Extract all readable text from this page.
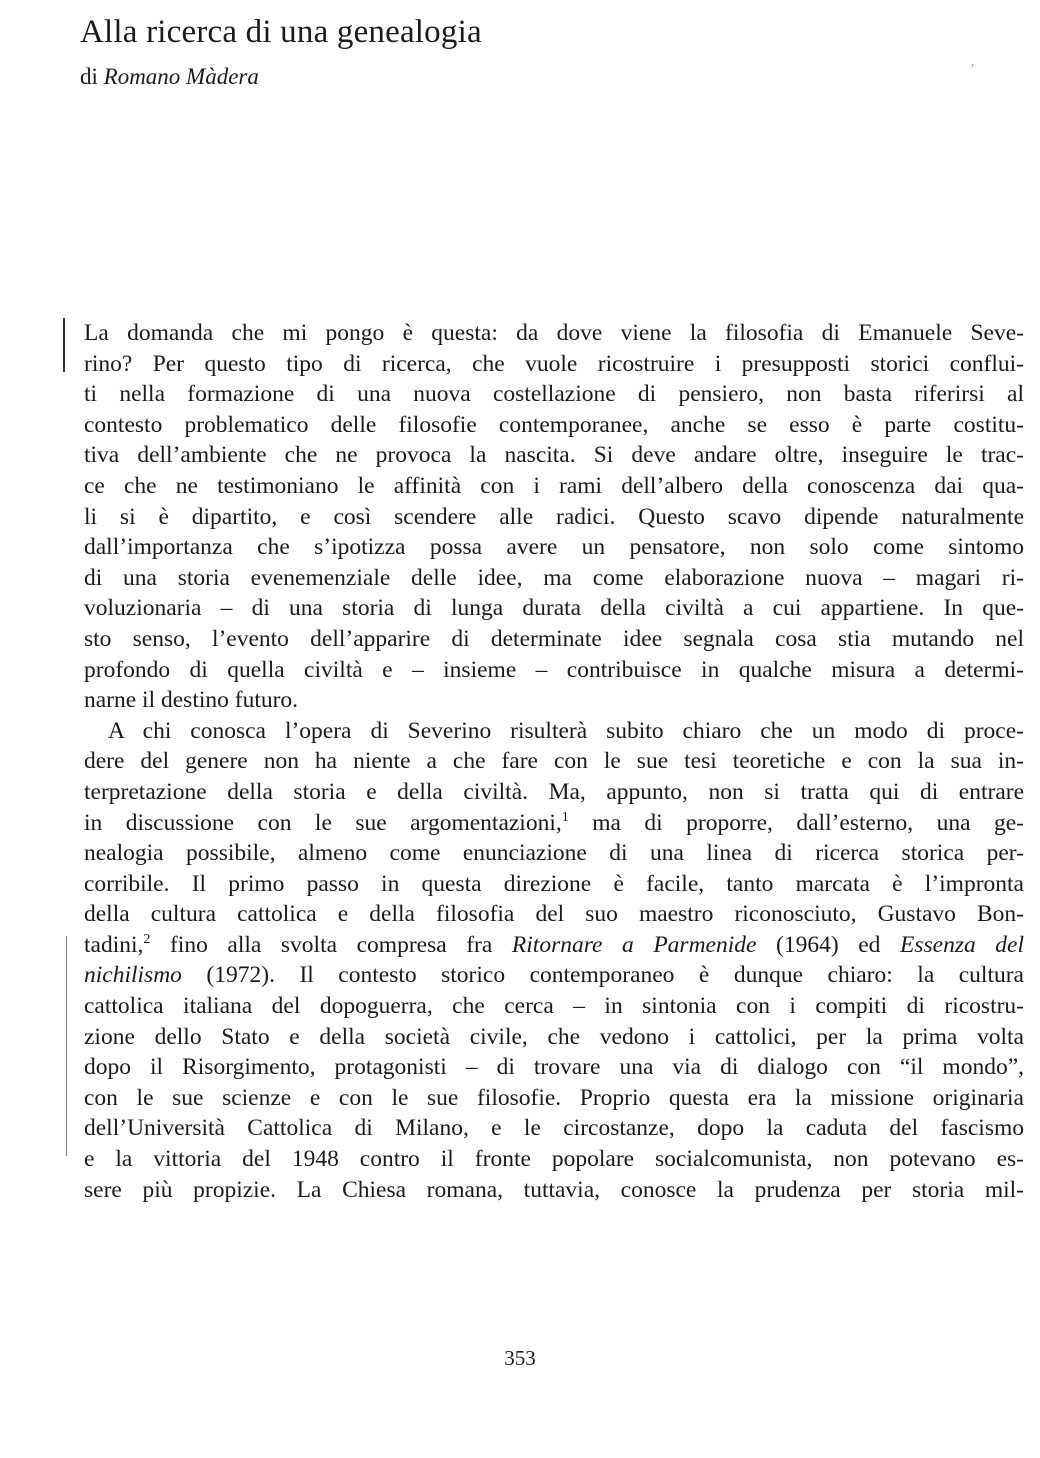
’
Alla ricerca di una genealogia

di Romano Màdera

La domanda che mi pongo è questa: da dove viene la filosofia di Emanuele Seve-
rino? Per questo tipo di ricerca, che vuole ricostruire i presupposti storici conflui-
ti nella formazione di una nuova costellazione di pensiero, non basta riferirsi al
contesto problematico delle filosofie contemporanee, anche se esso è parte costitu-
tiva dell’ambiente che ne provoca la nascita. Si deve andare oltre, inseguire le trac-
ce che ne testimoniano le affinità con i rami dell’albero della conoscenza dai qua-
li si è dipartito, e così scendere alle radici. Questo scavo dipende naturalmente
dall’importanza che s’ipotizza possa avere un pensatore, non solo come sintomo
di una storia evenemenziale delle idee, ma come elaborazione nuova – magari ri-
voluzionaria – di una storia di lunga durata della civiltà a cui appartiene. In que-
sto senso, l’evento dell’apparire di determinate idee segnala cosa stia mutando nel
profondo di quella civiltà e – insieme – contribuisce in qualche misura a determi-
narne il destino futuro.
A chi conosca l’opera di Severino risulterà subito chiaro che un modo di proce-
dere del genere non ha niente a che fare con le sue tesi teoretiche e con la sua in-
terpretazione della storia e della civiltà. Ma, appunto, non si tratta qui di entrare
in discussione con le sue argomentazioni,$^1$ ma di proporre, dall’esterno, una ge-
nealogia possibile, almeno come enunciazione di una linea di ricerca storica per-
corribile. Il primo passo in questa direzione è facile, tanto marcata è l’impronta
della cultura cattolica e della filosofia del suo maestro riconosciuto, Gustavo Bon-
tadini,$^2$ fino alla svolta compresa fra Ritornare a Parmenide (1964) ed Essenza del
nichilismo (1972). Il contesto storico contemporaneo è dunque chiaro: la cultura
cattolica italiana del dopoguerra, che cerca – in sintonia con i compiti di ricostru-
zione dello Stato e della società civile, che vedono i cattolici, per la prima volta
dopo il Risorgimento, protagonisti – di trovare una via di dialogo con “il mondo”,
con le sue scienze e con le sue filosofie. Proprio questa era la missione originaria
dell’Università Cattolica di Milano, e le circostanze, dopo la caduta del fascismo
e la vittoria del 1948 contro il fronte popolare socialcomunista, non potevano es-
sere più propizie. La Chiesa romana, tuttavia, conosce la prudenza per storia mil-
353
